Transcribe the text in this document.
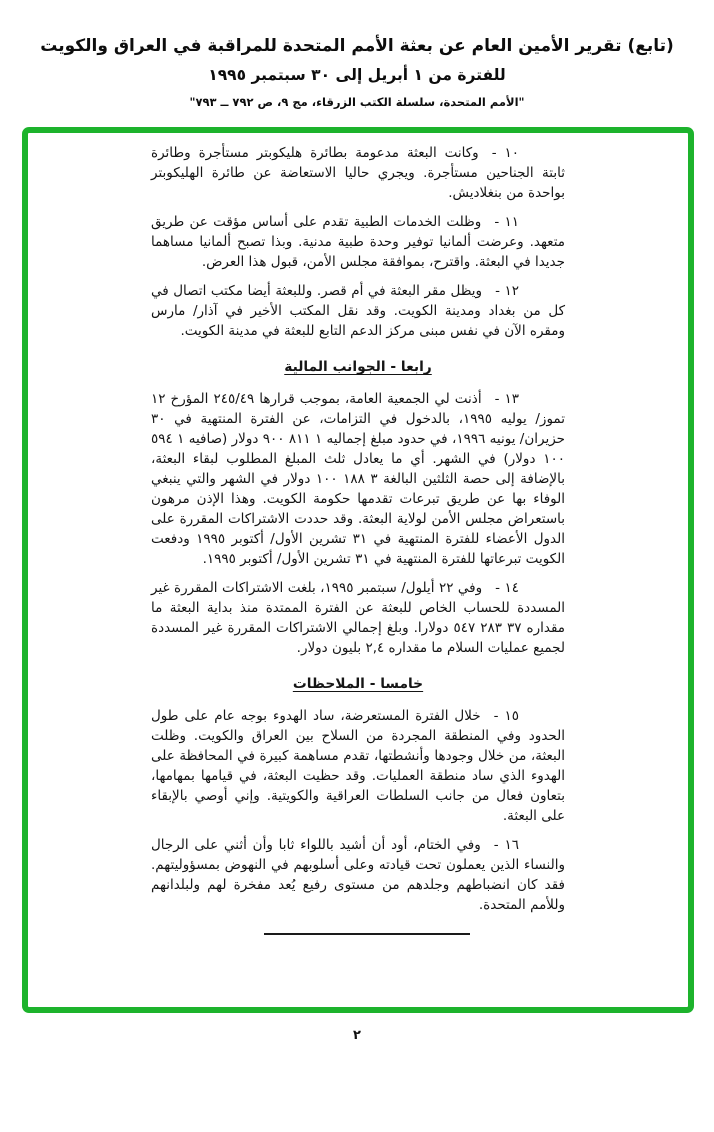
(تابع) تقرير الأمين العام عن بعثة الأمم المتحدة للمراقبة في العراق والكويت
للفترة من ١ أبريل إلى ٣٠ سبتمبر ١٩٩٥
"الأمم المتحدة، سلسلة الكتب الزرقاء، مج ٩، ص ٧٩٢ ــ ٧٩٣"

١٠ -وكانت البعثة مدعومة بطائرة هليكوبتر مستأجرة وطائرة ثابتة الجناحين مستأجرة. ويجري حاليا الاستعاضة عن طائرة الهليكوبتر بواحدة من بنغلاديش.

١١ -وظلت الخدمات الطبية تقدم على أساس مؤقت عن طريق متعهد. وعرضت ألمانيا توفير وحدة طبية مدنية. وبذا تصبح ألمانيا مساهما جديدا في البعثة. واقترح، بموافقة مجلس الأمن، قبول هذا العرض.

١٢ -ويظل مقر البعثة في أم قصر. وللبعثة أيضا مكتب اتصال في كل من بغداد ومدينة الكويت. وقد نقل المكتب الأخير في آذار/ مارس ومقره الآن في نفس مبنى مركز الدعم التابع للبعثة في مدينة الكويت.

رابعا - الجوانب المالية

١٣ -أذنت لي الجمعية العامة، بموجب قرارها ٢٤٥/٤٩ المؤرخ ١٢ تموز/ يوليه ١٩٩٥، بالدخول في التزامات، عن الفترة المنتهية في ٣٠ حزيران/ يونيه ١٩٩٦، في حدود مبلغ إجماليه ١ ٨١١ ٩٠٠ دولار (صافيه ١ ٥٩٤ ١٠٠ دولار) في الشهر. أي ما يعادل ثلث المبلغ المطلوب لبقاء البعثة، بالإضافة إلى حصة الثلثين البالغة ٣ ١٨٨ ١٠٠ دولار في الشهر والتي ينبغي الوفاء بها عن طريق تبرعات تقدمها حكومة الكويت. وهذا الإذن مرهون باستعراض مجلس الأمن لولاية البعثة. وقد حددت الاشتراكات المقررة على الدول الأعضاء للفترة المنتهية في ٣١ تشرين الأول/ أكتوبر ١٩٩٥ ودفعت الكويت تبرعاتها للفترة المنتهية في ٣١ تشرين الأول/ أكتوبر ١٩٩٥.

١٤ -وفي ٢٢ أيلول/ سبتمبر ١٩٩٥، بلغت الاشتراكات المقررة غير المسددة للحساب الخاص للبعثة عن الفترة الممتدة منذ بداية البعثة ما مقداره ٣٧ ٢٨٣ ٥٤٧ دولارا. وبلغ إجمالي الاشتراكات المقررة غير المسددة لجميع عمليات السلام ما مقداره ٢,٤ بليون دولار.

خامسا - الملاحظات

١٥ -خلال الفترة المستعرضة، ساد الهدوء بوجه عام على طول الحدود وفي المنطقة المجردة من السلاح بين العراق والكويت. وظلت البعثة، من خلال وجودها وأنشطتها، تقدم مساهمة كبيرة في المحافظة على الهدوء الذي ساد منطقة العمليات. وقد حظيت البعثة، في قيامها بمهامها، بتعاون فعال من جانب السلطات العراقية والكويتية. وإني أوصي بالإبقاء على البعثة.

١٦ -وفي الختام، أود أن أشيد باللواء ثابا وأن أثني على الرجال والنساء الذين يعملون تحت قيادته وعلى أسلوبهم في النهوض بمسؤوليتهم. فقد كان انضباطهم وجلدهم من مستوى رفيع يُعد مفخرة لهم ولبلدانهم وللأمم المتحدة.

٢
